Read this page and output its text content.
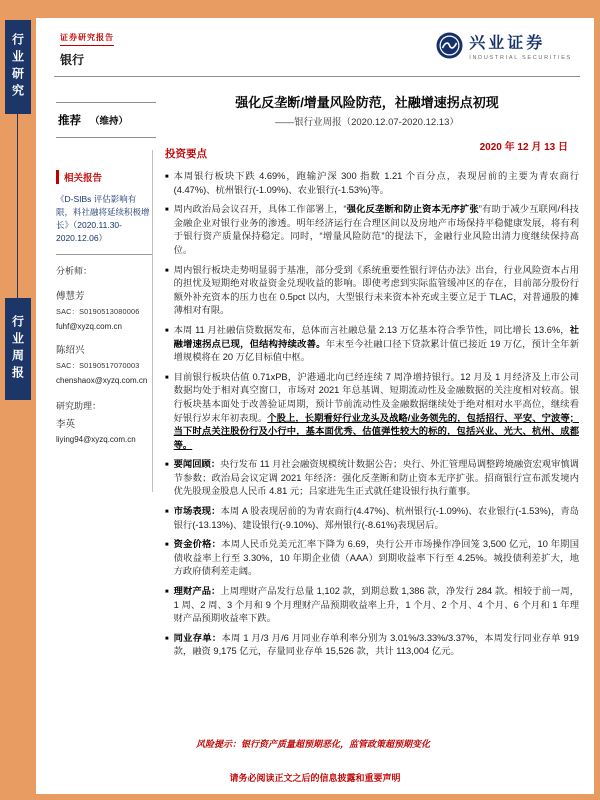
行业研究
行业周报
证券研究报告
银行
兴业证券
INDUSTRIAL SECURITIES
强化反垄断/增量风险防范，社融增速拐点初现
——银行业周报（2020.12.07-2020.12.13）
2020 年 12 月 13 日
推荐 （维持）
相关报告
《D-SIBs 评估影响有限，料社融将延续积极增长》（2020.11.30-2020.12.06）
分析师：
傅慧芳
SAC：S0190513080006
fuhf@xyzq.com.cn
陈绍兴
SAC：S0190517070003
chenshaox@xyzq.com.cn
研究助理：
李英
liying94@xyzq.com.cn
投资要点
■ 本周银行板块下跌 4.69%，跑输沪深 300 指数 1.21 个百分点，表现居前的主要为青农商行(4.47%)、杭州银行(-1.09%)、农业银行(-1.53%)等。
■ 周内政治局会议召开，具体工作部署上，“强化反垄断和防止资本无序扩张”有助于减少互联网/科技金融企业对银行业务的渗透。明年经济运行在合理区间以及房地产市场保持平稳健康发展，将有利于银行资产质量保持稳定。同时，“增量风险防范”的提法下，金融行业风险出清力度继续保持高位。
■ 周内银行板块走势明显弱于基准，部分受到《系统重要性银行评估办法》出台，行业风险资本占用的担忧及短期绝对收益资金兑现收益的影响。即使考虑到实际监管缓冲区的存在，目前部分股份行额外补充资本的压力也在 0.5pct 以内，大型银行未来资本补充或主要立足于 TLAC，对普通股的摊薄相对有限。
■ 本周 11 月社融信贷数据发布，总体而言社融总量 2.13 万亿基本符合季节性，同比增长 13.6%，社融增速拐点已现，但结构持续改善。年末至今社融口径下贷款累计值已接近 19 万亿，预计全年新增规模将在 20 万亿目标值中枢。
■ 目前银行板块估值 0.71xPB，沪港通北向已经连续 7 周净增持银行。12 月及 1 月经济及上市公司数据均处于相对真空窗口，市场对 2021 年总基调、短期流动性及金融数据的关注度相对较高。银行板块基本面处于改善验证周期，预计节前流动性及金融数据继续处于绝对相对水平高位，继续看好银行岁末年初表现。个股上，长期看好行业龙头及战略/业务领先的，包括招行、平安、宁波等；当下时点关注股份行及小行中，基本面优秀、估值弹性较大的标的，包括兴业、光大、杭州、成都等。
■ 要闻回顾：央行发布 11 月社会融资规模统计数据公告；央行、外汇管理局调整跨境融资宏观审慎调节参数；政治局会议定调 2021 年经济：强化反垄断和防止资本无序扩张。招商银行宣布派发境内优先股现金股息人民币 4.81 元；吕家进先生正式就任建设银行执行董事。
■ 市场表现：本周 A 股表现居前的为青农商行(4.47%)、杭州银行(-1.09%)、农业银行(-1.53%)，青岛银行(-13.13%)、建设银行(-9.10%)、郑州银行(-8.61%)表现居后。
■ 资金价格：本周人民币兑美元汇率下降为 6.69，央行公开市场操作净回笼 3,500 亿元，10 年期国债收益率上行至 3.30%，10 年期企业债（AAA）到期收益率下行至 4.25%。城投债利差扩大，地方政府债利差走阔。
■ 理财产品：上周理财产品发行总量 1,102 款，到期总数 1,386 款，净发行 284 款。相较于前一周，1 周、2 周、3 个月和 9 个月理财产品预期收益率上升，1 个月、2 个月、4 个月、6 个月和 1 年理财产品预期收益率下跌。
■ 同业存单：本周 1 月/3 月/6 月同业存单利率分别为 3.01%/3.33%/3.37%，本周发行同业存单 919 款，融资 9,175 亿元，存量同业存单 15,526 款，共计 113,004 亿元。
风险提示：银行资产质量超预期恶化，监管政策超预期变化
请务必阅读正文之后的信息披露和重要声明
